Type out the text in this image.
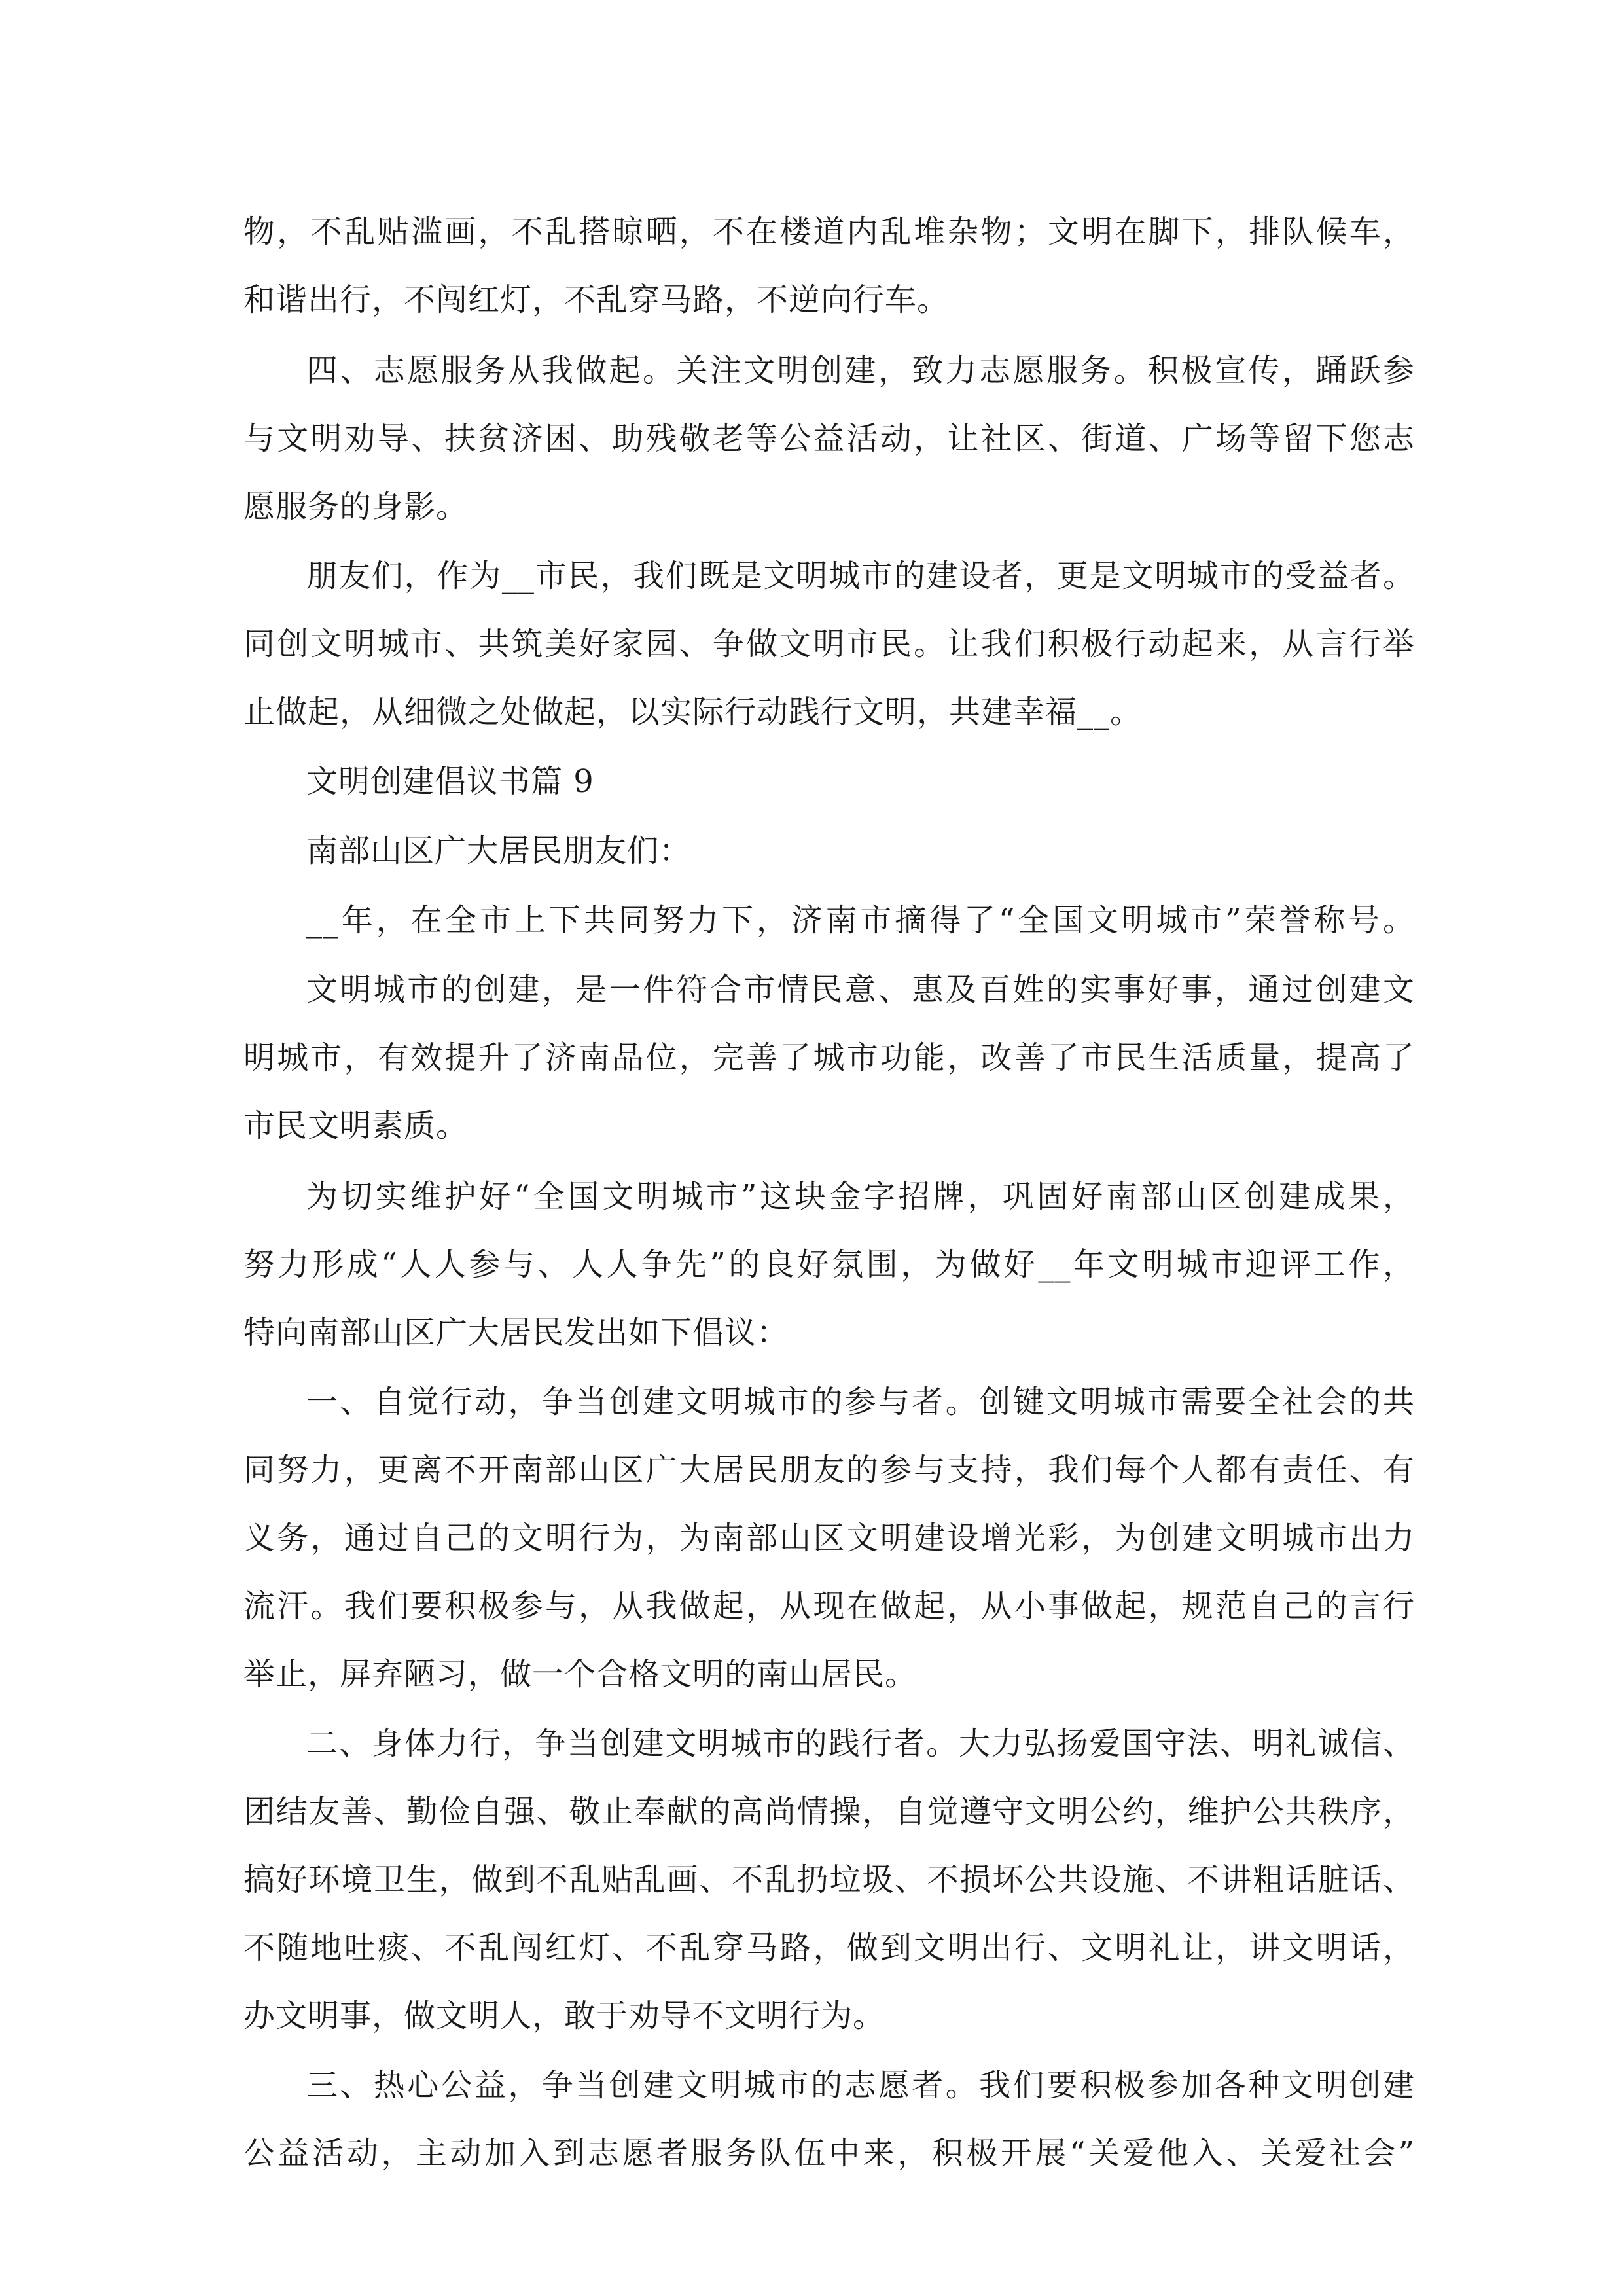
物，不乱贴滥画，不乱搭晾晒，不在楼道内乱堆杂物；文明在脚下，排队候车，
和谐出行，不闯红灯，不乱穿马路，不逆向行车。
四、志愿服务从我做起。关注文明创建，致力志愿服务。积极宣传，踊跃参
与文明劝导、扶贫济困、助残敬老等公益活动，让社区、街道、广场等留下您志
愿服务的身影。
朋友们，作为__市民，我们既是文明城市的建设者，更是文明城市的受益者。
同创文明城市、共筑美好家园、争做文明市民。让我们积极行动起来，从言行举
止做起，从细微之处做起，以实际行动践行文明，共建幸福__。
文明创建倡议书篇 9
南部山区广大居民朋友们：
__年，在全市上下共同努力下，济南市摘得了“全国文明城市”荣誉称号。
文明城市的创建，是一件符合市情民意、惠及百姓的实事好事，通过创建文
明城市，有效提升了济南品位，完善了城市功能，改善了市民生活质量，提高了
市民文明素质。
为切实维护好“全国文明城市”这块金字招牌，巩固好南部山区创建成果，
努力形成“人人参与、人人争先”的良好氛围，为做好__年文明城市迎评工作，
特向南部山区广大居民发出如下倡议：
一、自觉行动，争当创建文明城市的参与者。创键文明城市需要全社会的共
同努力，更离不开南部山区广大居民朋友的参与支持，我们每个人都有责任、有
义务，通过自己的文明行为，为南部山区文明建设增光彩，为创建文明城市出力
流汗。我们要积极参与，从我做起，从现在做起，从小事做起，规范自己的言行
举止，屏弃陋习，做一个合格文明的南山居民。
二、身体力行，争当创建文明城市的践行者。大力弘扬爱国守法、明礼诚信、
团结友善、勤俭自强、敬止奉献的高尚情操，自觉遵守文明公约，维护公共秩序，
搞好环境卫生，做到不乱贴乱画、不乱扔垃圾、不损坏公共设施、不讲粗话脏话、
不随地吐痰、不乱闯红灯、不乱穿马路，做到文明出行、文明礼让，讲文明话，
办文明事，做文明人，敢于劝导不文明行为。
三、热心公益，争当创建文明城市的志愿者。我们要积极参加各种文明创建
公益活动，主动加入到志愿者服务队伍中来，积极开展“关爱他入、关爱社会”
